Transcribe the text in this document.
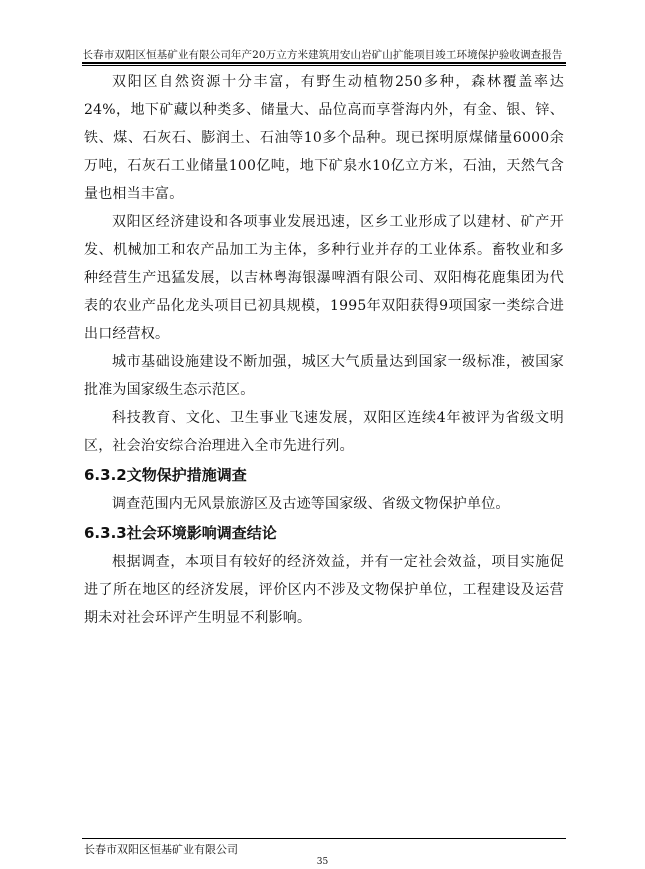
长春市双阳区恒基矿业有限公司年产20万立方米建筑用安山岩矿山扩能项目竣工环境保护验收调查报告

双阳区自然资源十分丰富，有野生动植物250多种，森林覆盖率达24%，地下矿藏以种类多、储量大、品位高而享誉海内外，有金、银、锌、铁、煤、石灰石、膨润土、石油等10多个品种。现已探明原煤储量6000余万吨，石灰石工业储量100亿吨，地下矿泉水10亿立方米，石油，天然气含量也相当丰富。

双阳区经济建设和各项事业发展迅速，区乡工业形成了以建材、矿产开发、机械加工和农产品加工为主体，多种行业并存的工业体系。畜牧业和多种经营生产迅猛发展，以吉林粤海银瀑啤酒有限公司、双阳梅花鹿集团为代表的农业产品化龙头项目已初具规模，1995年双阳获得9项国家一类综合进出口经营权。

城市基础设施建设不断加强，城区大气质量达到国家一级标准，被国家批准为国家级生态示范区。

科技教育、文化、卫生事业飞速发展，双阳区连续4年被评为省级文明区，社会治安综合治理进入全市先进行列。

6.3.2文物保护措施调查

调查范围内无风景旅游区及古迹等国家级、省级文物保护单位。

6.3.3社会环境影响调查结论

根据调查，本项目有较好的经济效益，并有一定社会效益，项目实施促进了所在地区的经济发展，评价区内不涉及文物保护单位，工程建设及运营期未对社会环评产生明显不利影响。

长春市双阳区恒基矿业有限公司
35
